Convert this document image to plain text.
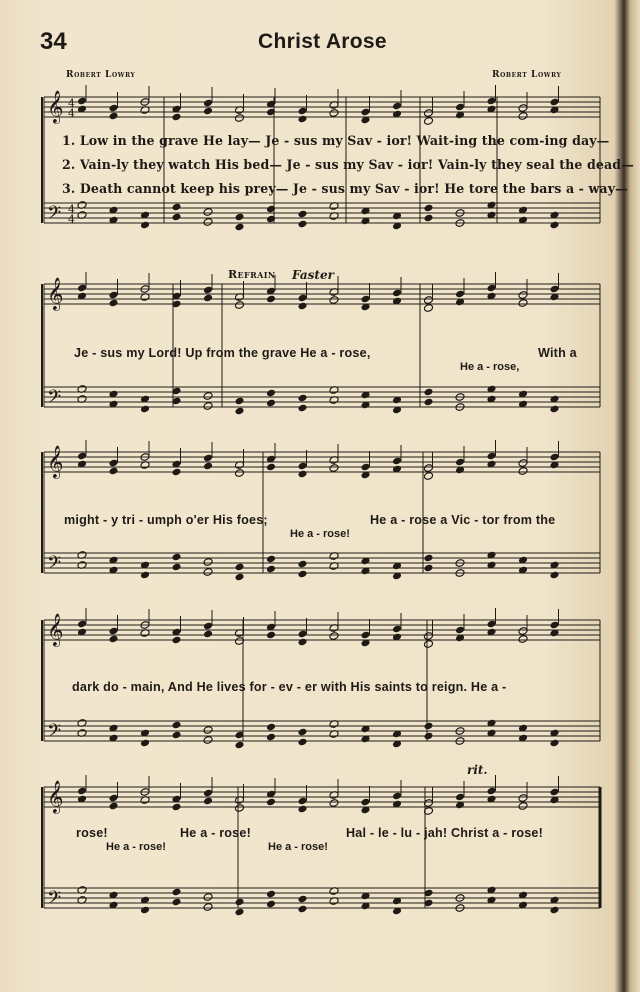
34	Christ Arose
Robert Lowry	Robert Lowry
𝄞 4
4
𝄢 4
4
𝄞
𝄢
𝄞
𝄢
𝄞
𝄢
𝄞
𝄢
1. Low in the grave He lay— Je - sus my Sav - ior! Wait-ing the com-ing day—
2. Vain-ly they watch His bed— Je - sus my Sav - ior! Vain-ly they seal the dead—
3. Death cannot keep his prey— Je - sus my Sav - ior! He tore the bars a - way—
Refrain Faster
Je - sus my Lord! Up from the grave He a - rose,	With a
He a - rose,
might - y tri - umph o'er His foes;	He a - rose a Vic - tor from the
He a - rose!
dark do - main, And He lives for - ev - er with His saints to reign. He a -
rit.
rose!	He a - rose!	Hal - le - lu - jah! Christ a - rose!
He a - rose!	He a - rose!
